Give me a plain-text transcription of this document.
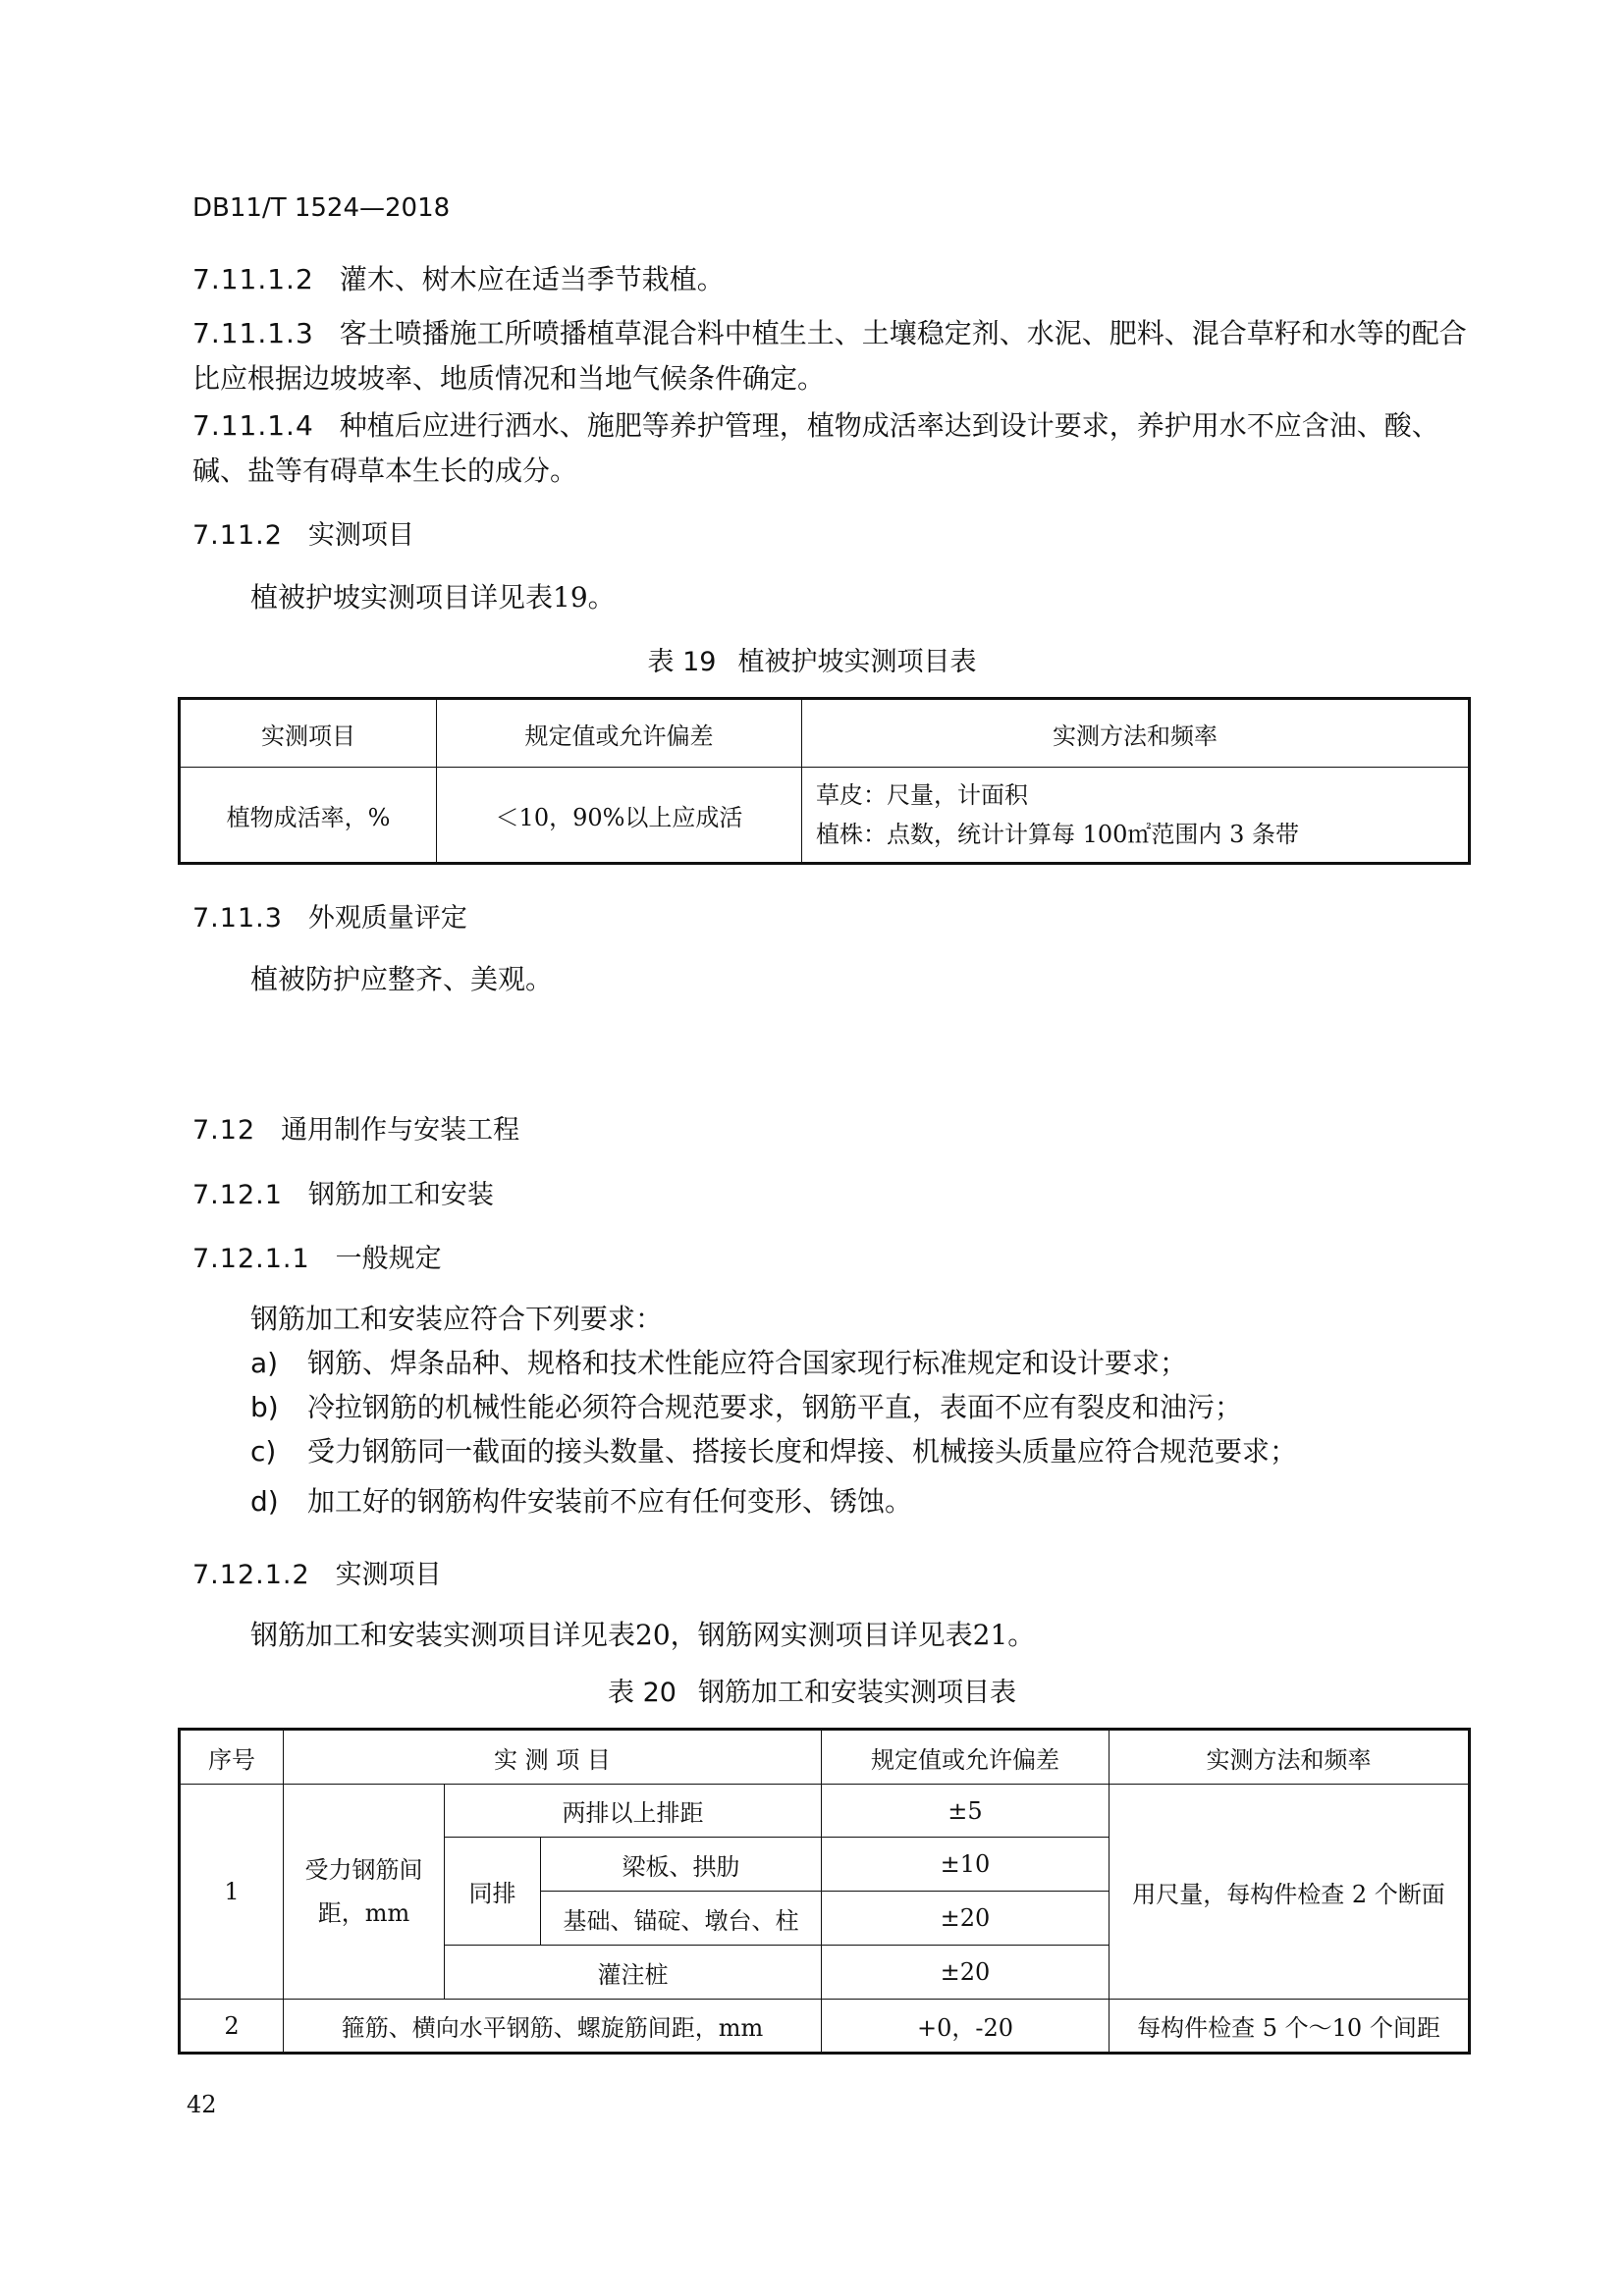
DB11/T 1524—2018
7.11.1.2 灌木、树木应在适当季节栽植。
7.11.1.3 客土喷播施工所喷播植草混合料中植生土、土壤稳定剂、水泥、肥料、混合草籽和水等的配合比应根据边坡坡率、地质情况和当地气候条件确定。
7.11.1.4 种植后应进行洒水、施肥等养护管理，植物成活率达到设计要求，养护用水不应含油、酸、碱、盐等有碍草本生长的成分。
7.11.2 实测项目
植被护坡实测项目详见表19。
表 19 植被护坡实测项目表
实测项目	规定值或允许偏差	实测方法和频率
植物成活率，%	＜10，90%以上应成活	草皮：尺量，计面积
植株：点数，统计计算每 100㎡范围内 3 条带
7.11.3 外观质量评定
植被防护应整齐、美观。
7.12 通用制作与安装工程
7.12.1 钢筋加工和安装
7.12.1.1 一般规定
钢筋加工和安装应符合下列要求：
a) 钢筋、焊条品种、规格和技术性能应符合国家现行标准规定和设计要求；
b) 冷拉钢筋的机械性能必须符合规范要求，钢筋平直，表面不应有裂皮和油污；
c) 受力钢筋同一截面的接头数量、搭接长度和焊接、机械接头质量应符合规范要求；
d) 加工好的钢筋构件安装前不应有任何变形、锈蚀。
7.12.1.2 实测项目
钢筋加工和安装实测项目详见表20，钢筋网实测项目详见表21。
表 20 钢筋加工和安装实测项目表
序号	实 测 项 目			规定值或允许偏差	实测方法和频率
1	受力钢筋间距，mm	两排以上排距		±5	用尺量，每构件检查 2 个断面
		同排	梁板、拱肋	±10	
			基础、锚碇、墩台、柱	±20	
		灌注桩		±20	
2	箍筋、横向水平钢筋、螺旋筋间距，mm			+0，-20	每构件检查 5 个～10 个间距
42
